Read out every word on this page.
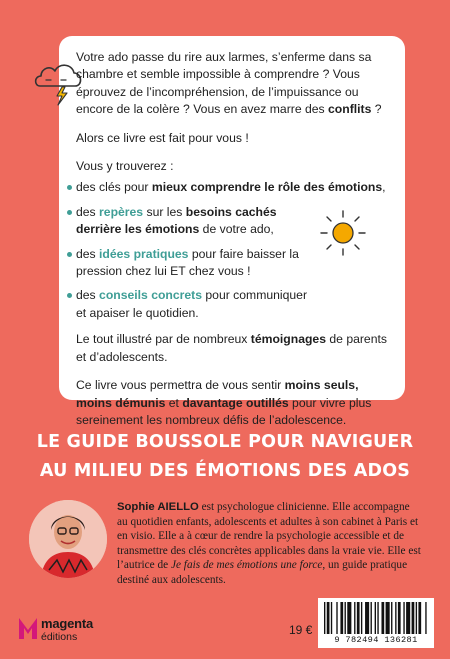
Votre ado passe du rire aux larmes, s’enferme dans sa chambre et semble impossible à comprendre ? Vous éprouvez de l’incompréhension, de l’impuissance ou encore de la colère ? Vous en avez marre des conflits ?

Alors ce livre est fait pour vous !

Vous y trouverez :

des clés pour mieux comprendre le rôle des émotions,
des repères sur les besoins cachés derrière les émotions de votre ado,
des idées pratiques pour faire baisser la pression chez lui ET chez vous !
des conseils concrets pour communiquer et apaiser le quotidien.

Le tout illustré par de nombreux témoignages de parents et d’adolescents.

Ce livre vous permettra de vous sentir moins seuls, moins démunis et davantage outillés pour vivre plus sereinement les nombreux défis de l’adolescence.

LE GUIDE BOUSSOLE POUR NAVIGUER
AU MILIEU DES ÉMOTIONS DES ADOS
Sophie AIELLO est psychologue clinicienne. Elle accompagne au quotidien enfants, adolescents et adultes à son cabinet à Paris et en visio. Elle a à cœur de rendre la psychologie accessible et de transmettre des clés concrètes applicables dans la vraie vie. Elle est l’autrice de Je fais de mes émotions une force, un guide pratique destiné aux adolescents.
magenta
éditions	19 €
9 782494 136281
